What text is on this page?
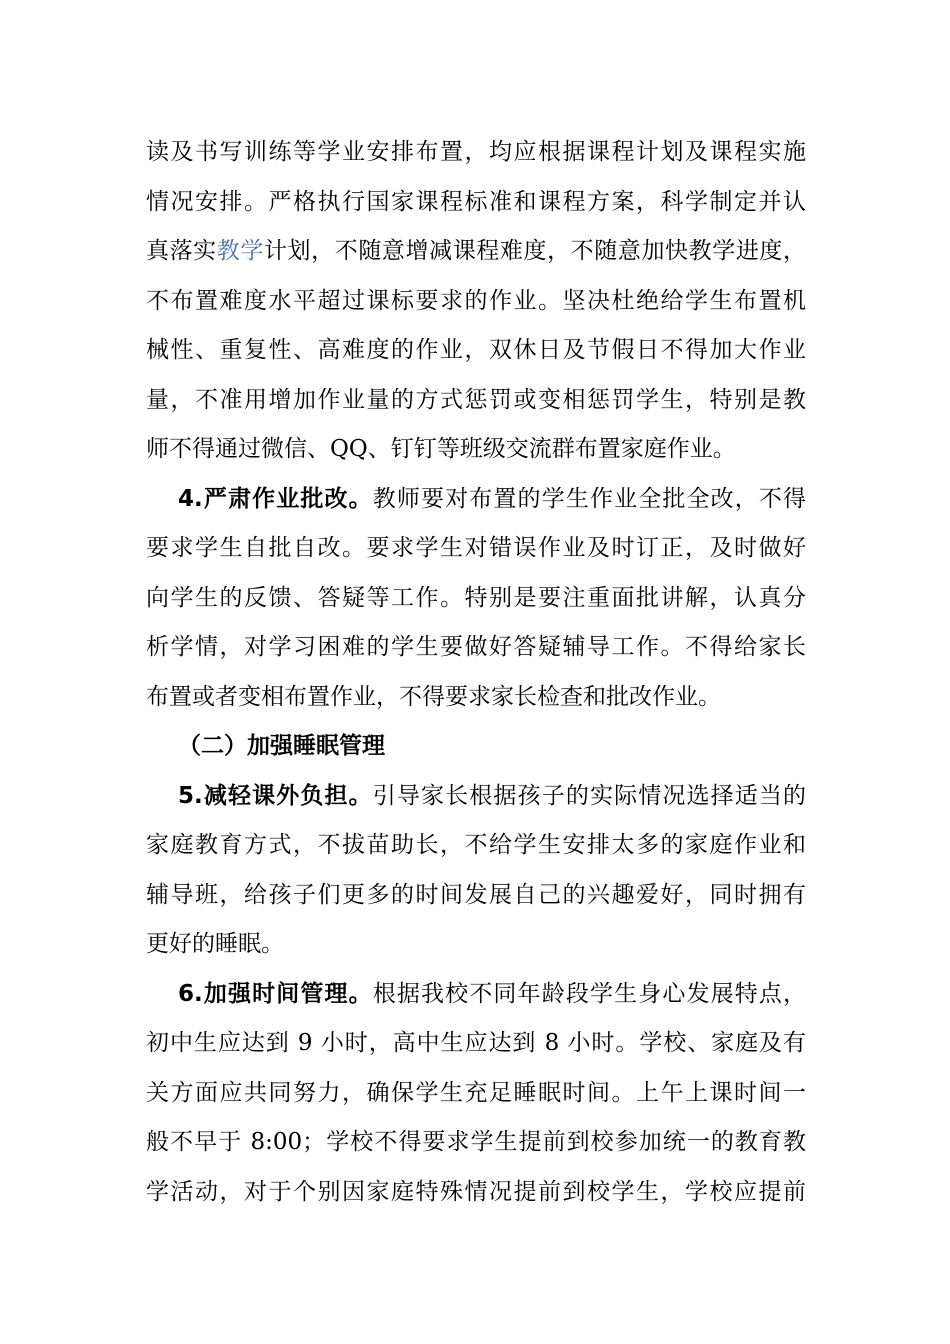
读及书写训练等学业安排布置，均应根据课程计划及课程实施
情况安排。严格执行国家课程标准和课程方案，科学制定并认
真落实教学计划，不随意增减课程难度，不随意加快教学进度，
不布置难度水平超过课标要求的作业。坚决杜绝给学生布置机
械性、重复性、高难度的作业，双休日及节假日不得加大作业
量，不准用增加作业量的方式惩罚或变相惩罚学生，特别是教
师不得通过微信、QQ、钉钉等班级交流群布置家庭作业。
4.严肃作业批改。教师要对布置的学生作业全批全改，不得
要求学生自批自改。要求学生对错误作业及时订正，及时做好
向学生的反馈、答疑等工作。特别是要注重面批讲解，认真分
析学情，对学习困难的学生要做好答疑辅导工作。不得给家长
布置或者变相布置作业，不得要求家长检查和批改作业。
（二）加强睡眠管理
5.减轻课外负担。引导家长根据孩子的实际情况选择适当的
家庭教育方式，不拔苗助长，不给学生安排太多的家庭作业和
辅导班，给孩子们更多的时间发展自己的兴趣爱好，同时拥有
更好的睡眠。
6.加强时间管理。根据我校不同年龄段学生身心发展特点，
初中生应达到 9 小时，高中生应达到 8 小时。学校、家庭及有
关方面应共同努力，确保学生充足睡眠时间。上午上课时间一
般不早于 8:00；学校不得要求学生提前到校参加统一的教育教
学活动，对于个别因家庭特殊情况提前到校学生，学校应提前
